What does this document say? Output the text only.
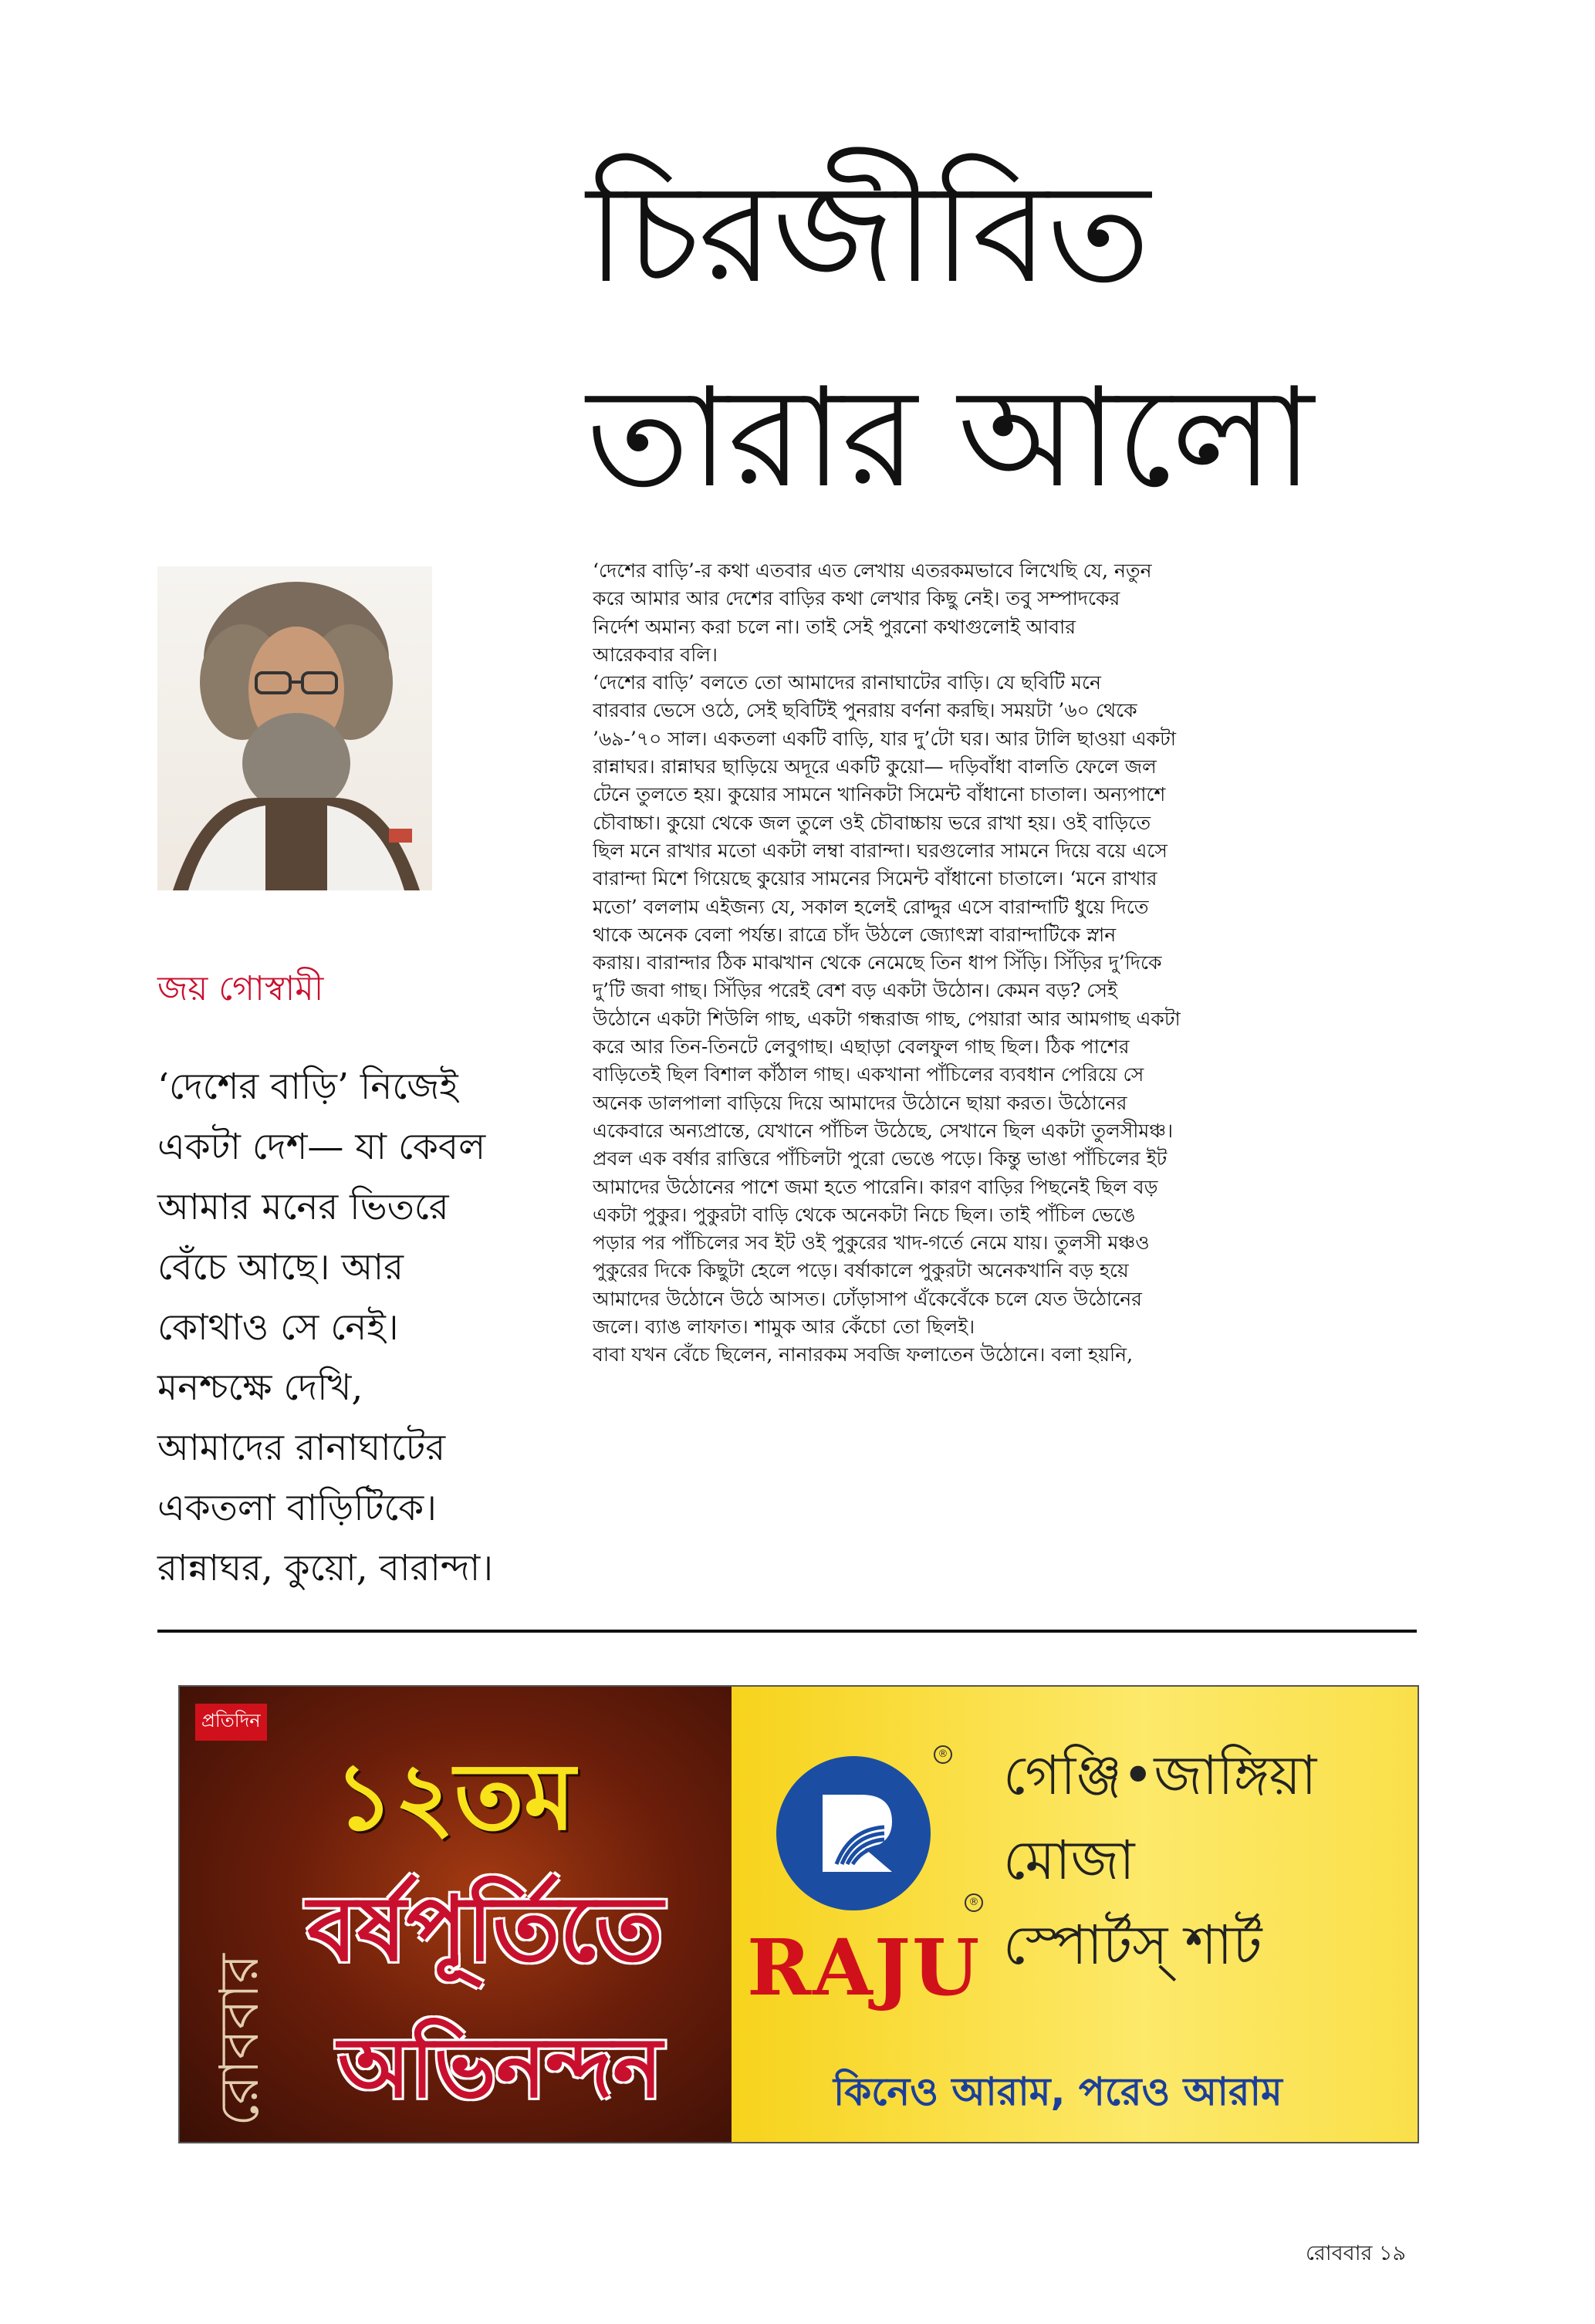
চিরজীবিত
তারার আলো
জয় গোস্বামী
‘দেশের বাড়ি’ নিজেই
একটা দেশ— যা কেবল
আমার মনের ভিতরে
বেঁচে আছে। আর
কোথাও সে নেই।
মনশ্চক্ষে দেখি,
আমাদের রানাঘাটের
একতলা বাড়িটিকে।
রান্নাঘর, কুয়ো, বারান্দা।
‘দেশের বাড়ি’-র কথা এতবার এত লেখায় এতরকমভাবে লিখেছি যে, নতুন
করে আমার আর দেশের বাড়ির কথা লেখার কিছু নেই। তবু সম্পাদকের
নির্দেশ অমান্য করা চলে না। তাই সেই পুরনো কথাগুলোই আবার
আরেকবার বলি।
‘দেশের বাড়ি’ বলতে তো আমাদের রানাঘাটের বাড়ি। যে ছবিটি মনে
বারবার ভেসে ওঠে, সেই ছবিটিই পুনরায় বর্ণনা করছি। সময়টা ’৬০ থেকে
’৬৯-’৭০ সাল। একতলা একটি বাড়ি, যার দু’টো ঘর। আর টালি ছাওয়া একটা
রান্নাঘর। রান্নাঘর ছাড়িয়ে অদূরে একটি কুয়ো— দড়িবাঁধা বালতি ফেলে জল
টেনে তুলতে হয়। কুয়োর সামনে খানিকটা সিমেন্ট বাঁধানো চাতাল। অন্যপাশে
চৌবাচ্চা। কুয়ো থেকে জল তুলে ওই চৌবাচ্চায় ভরে রাখা হয়। ওই বাড়িতে
ছিল মনে রাখার মতো একটা লম্বা বারান্দা। ঘরগুলোর সামনে দিয়ে বয়ে এসে
বারান্দা মিশে গিয়েছে কুয়োর সামনের সিমেন্ট বাঁধানো চাতালে। ‘মনে রাখার
মতো’ বললাম এইজন্য যে, সকাল হলেই রোদ্দুর এসে বারান্দাটি ধুয়ে দিতে
থাকে অনেক বেলা পর্যন্ত। রাত্রে চাঁদ উঠলে জ্যোৎস্না বারান্দাটিকে স্নান
করায়। বারান্দার ঠিক মাঝখান থেকে নেমেছে তিন ধাপ সিঁড়ি। সিঁড়ির দু’দিকে
দু’টি জবা গাছ। সিঁড়ির পরেই বেশ বড় একটা উঠোন। কেমন বড়? সেই
উঠোনে একটা শিউলি গাছ, একটা গন্ধরাজ গাছ, পেয়ারা আর আমগাছ একটা
করে আর তিন-তিনটে লেবুগাছ। এছাড়া বেলফুল গাছ ছিল। ঠিক পাশের
বাড়িতেই ছিল বিশাল কাঁঠাল গাছ। একখানা পাঁচিলের ব্যবধান পেরিয়ে সে
অনেক ডালপালা বাড়িয়ে দিয়ে আমাদের উঠোনে ছায়া করত। উঠোনের
একেবারে অন্যপ্রান্তে, যেখানে পাঁচিল উঠেছে, সেখানে ছিল একটা তুলসীমঞ্চ।
প্রবল এক বর্ষার রাত্তিরে পাঁচিলটা পুরো ভেঙে পড়ে। কিন্তু ভাঙা পাঁচিলের ইট
আমাদের উঠোনের পাশে জমা হতে পারেনি। কারণ বাড়ির পিছনেই ছিল বড়
একটা পুকুর। পুকুরটা বাড়ি থেকে অনেকটা নিচে ছিল। তাই পাঁচিল ভেঙে
পড়ার পর পাঁচিলের সব ইট ওই পুকুরের খাদ-গর্তে নেমে যায়। তুলসী মঞ্চও
পুকুরের দিকে কিছুটা হেলে পড়ে। বর্ষাকালে পুকুরটা অনেকখানি বড় হয়ে
আমাদের উঠোনে উঠে আসত। ঢোঁড়াসাপ এঁকেবেঁকে চলে যেত উঠোনের
জলে। ব্যাঙ লাফাত। শামুক আর কেঁচো তো ছিলই।
বাবা যখন বেঁচে ছিলেন, নানারকম সবজি ফলাতেন উঠোনে। বলা হয়নি,
প্রতিদিন
রোববার
১২তম
বর্ষপূর্তিতে
অভিনন্দন
®
®
RAJU
গেঞ্জি•জাঙ্গিয়া
মোজা
স্পোর্টস্ শার্ট
কিনেও আরাম, পরেও আরাম
রোববার ১৯
